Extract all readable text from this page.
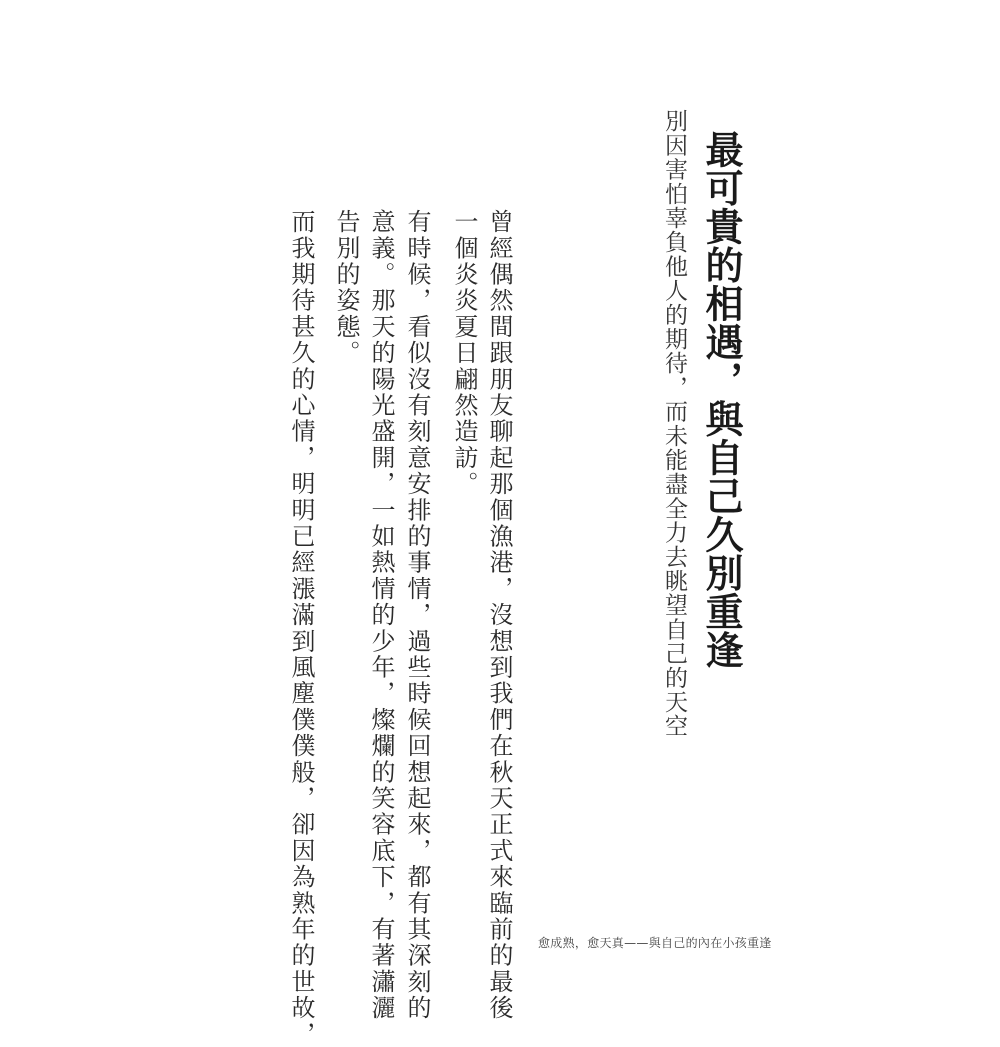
最可貴的相遇，與自己久別重逢
別因害怕辜負他人的期待，而未能盡全力去眺望自己的天空
曾經偶然間跟朋友聊起那個漁港，沒想到我們在秋天正式來臨前的最後
一個炎炎夏日翩然造訪。
有時候，看似沒有刻意安排的事情，過些時候回想起來，都有其深刻的
意義。那天的陽光盛開，一如熱情的少年，燦爛的笑容底下，有著瀟灑
告別的姿態。
而我期待甚久的心情，明明已經漲滿到風塵僕僕般，卻因為熟年的世故，	愈成熟，愈天真——與自己的內在小孩重逢
